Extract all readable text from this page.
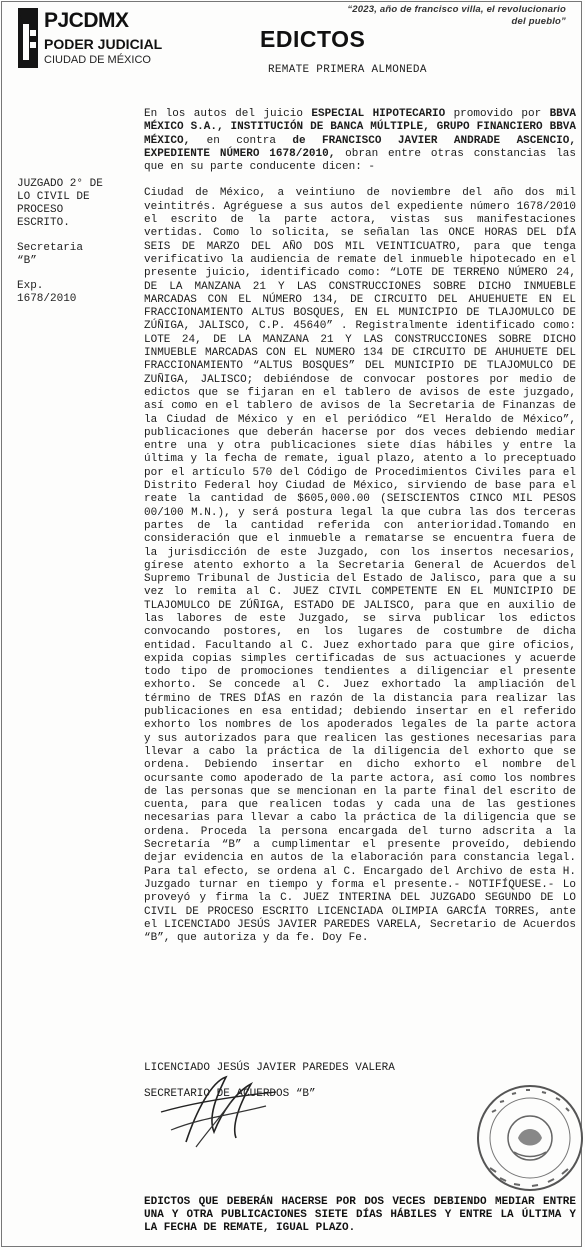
PJCDMX
PODER JUDICIAL
CIUDAD DE MÉXICO
“2023, año de francisco villa, el revolucionario
del pueblo”
EDICTOS
REMATE PRIMERA ALMONEDA
JUZGADO 2° DE
LO CIVIL DE
PROCESO
ESCRITO.
Secretaria
“B”
Exp.
1678/2010

En los autos del juicio ESPECIAL HIPOTECARIO promovido por BBVA MÉXICO S.A., INSTITUCIÓN DE BANCA MÚLTIPLE, GRUPO FINANCIERO BBVA MÉXICO, en contra de FRANCISCO JAVIER ANDRADE ASCENCIO, EXPEDIENTE NÚMERO 1678/2010, obran entre otras constancias las que en su parte conducente dicen: -

Ciudad de México, a veintiuno de noviembre del año dos mil veintitrés. Agréguese a sus autos del expediente número 1678/2010 el escrito de la parte actora, vistas sus manifestaciones vertidas. Como lo solicita, se señalan las ONCE HORAS DEL DÍA SEIS DE MARZO DEL AÑO DOS MIL VEINTICUATRO, para que tenga verificativo la audiencia de remate del inmueble hipotecado en el presente juicio, identificado como: “LOTE DE TERRENO NÚMERO 24, DE LA MANZANA 21 Y LAS CONSTRUCCIONES SOBRE DICHO INMUEBLE MARCADAS CON EL NÚMERO 134, DE CIRCUITO DEL AHUEHUETE EN EL FRACCIONAMIENTO ALTUS BOSQUES, EN EL MUNICIPIO DE TLAJOMULCO DE ZÚÑIGA, JALISCO, C.P. 45640” . Registralmente identificado como: LOTE 24, DE LA MANZANA 21 Y LAS CONSTRUCCIONES SOBRE DICHO INMUEBLE MARCADAS CON EL NUMERO 134 DE CIRCUITO DE AHUHUETE DEL FRACCIONAMIENTO “ALTUS BOSQUES” DEL MUNICIPIO DE TLAJOMULCO DE ZUÑIGA, JALISCO; debiéndose de convocar postores por medio de edictos que se fijaran en el tablero de avisos de este juzgado, así como en el tablero de avisos de la Secretaria de Finanzas de la Ciudad de México y en el periódico “El Heraldo de México”, publicaciones que deberán hacerse por dos veces debiendo mediar entre una y otra publicaciones siete días hábiles y entre la última y la fecha de remate, igual plazo, atento a lo preceptuado por el artículo 570 del Código de Procedimientos Civiles para el Distrito Federal hoy Ciudad de México, sirviendo de base para el reate la cantidad de $605,000.00 (SEISCIENTOS CINCO MIL PESOS 00/100 M.N.), y será postura legal la que cubra las dos terceras partes de la cantidad referida con anterioridad.Tomando en consideración que el inmueble a rematarse se encuentra fuera de la jurisdicción de este Juzgado, con los insertos necesarios, gírese atento exhorto a la Secretaria General de Acuerdos del Supremo Tribunal de Justicia del Estado de Jalisco, para que a su vez lo remita al C. JUEZ CIVIL COMPETENTE EN EL MUNICIPIO DE TLAJOMULCO DE ZÚÑIGA, ESTADO DE JALISCO, para que en auxilio de las labores de este Juzgado, se sirva publicar los edictos convocando postores, en los lugares de costumbre de dicha entidad. Facultando al C. Juez exhortado para que gire oficios, expida copias simples certificadas de sus actuaciones y acuerde todo tipo de promociones tendientes a diligenciar el presente exhorto. Se concede al C. Juez exhortado la ampliación del término de TRES DÍAS en razón de la distancia para realizar las publicaciones en esa entidad; debiendo insertar en el referido exhorto los nombres de los apoderados legales de la parte actora y sus autorizados para que realicen las gestiones necesarias para llevar a cabo la práctica de la diligencia del exhorto que se ordena. Debiendo insertar en dicho exhorto el nombre del ocursante como apoderado de la parte actora, así como los nombres de las personas que se mencionan en la parte final del escrito de cuenta, para que realicen todas y cada una de las gestiones necesarias para llevar a cabo la práctica de la diligencia que se ordena. Proceda la persona encargada del turno adscrita a la Secretaría “B” a cumplimentar el presente proveído, debiendo dejar evidencia en autos de la elaboración para constancia legal. Para tal efecto, se ordena al C. Encargado del Archivo de esta H. Juzgado turnar en tiempo y forma el presente.- NOTIFÍQUESE.- Lo proveyó y firma la C. JUEZ INTERINA DEL JUZGADO SEGUNDO DE LO CIVIL DE PROCESO ESCRITO LICENCIADA OLIMPIA GARCÍA TORRES, ante el LICENCIADO JESÚS JAVIER PAREDES VARELA, Secretario de Acuerdos “B”, que autoriza y da fe. Doy Fe.

LICENCIADO JESÚS JAVIER PAREDES VALERA
SECRETARIO DE ACUERDOS “B”
EDICTOS QUE DEBERÁN HACERSE POR DOS VECES DEBIENDO MEDIAR ENTRE UNA Y OTRA PUBLICACIONES SIETE DÍAS HÁBILES Y ENTRE LA ÚLTIMA Y LA FECHA DE REMATE, IGUAL PLAZO.
